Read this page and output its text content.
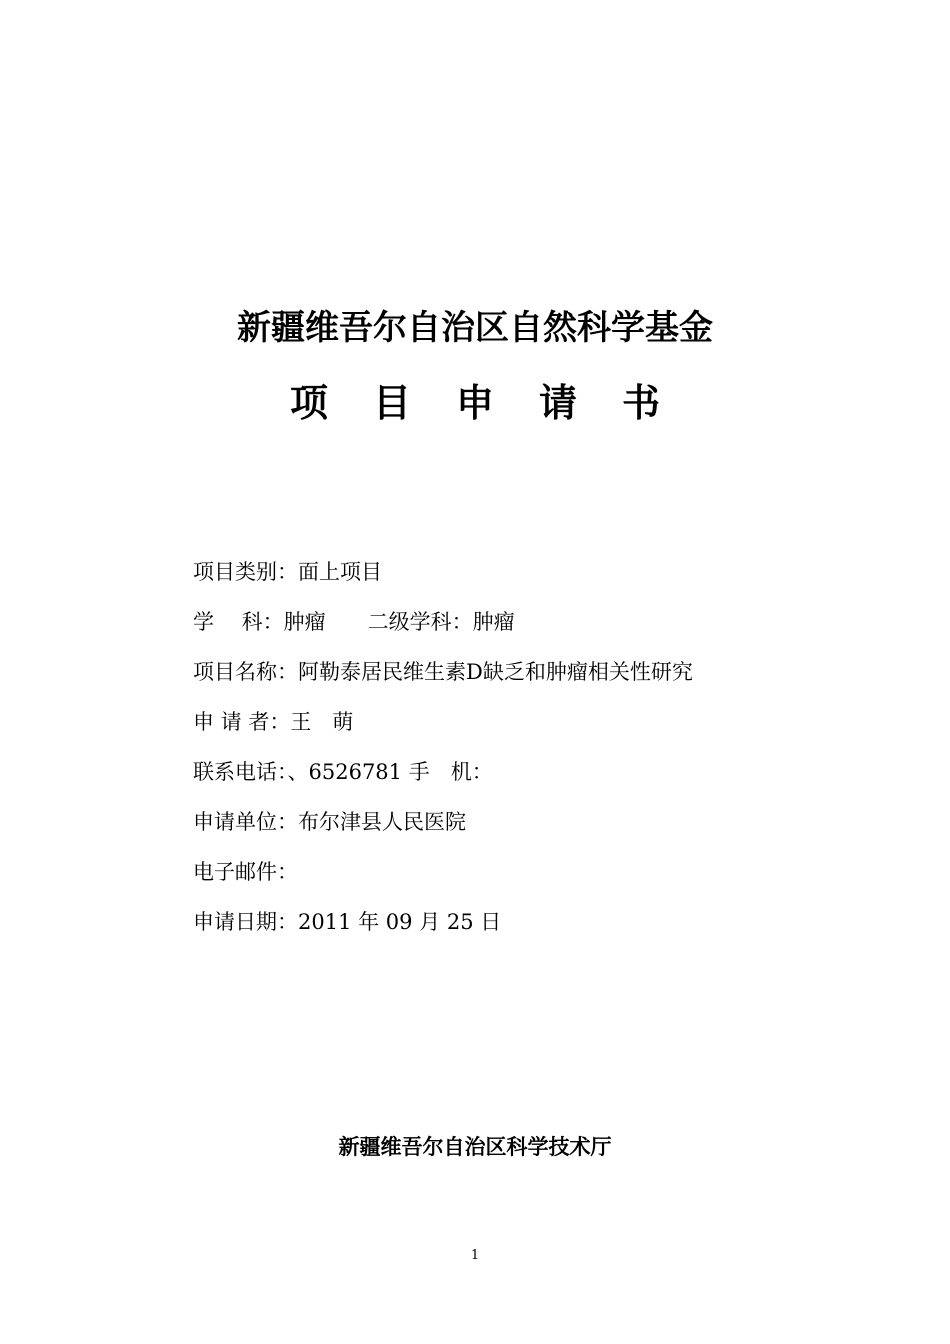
新疆维吾尔自治区自然科学基金
项目申请书
项目类别：面上项目
学　 科：肿瘤　　二级学科：肿瘤
项目名称：阿勒泰居民维生素D缺乏和肿瘤相关性研究
申 请 者：王　萌
联系电话：、6526781 手　机：
申请单位：布尔津县人民医院
电子邮件：
申请日期：2011 年 09 月 25 日
新疆维吾尔自治区科学技术厅
1
